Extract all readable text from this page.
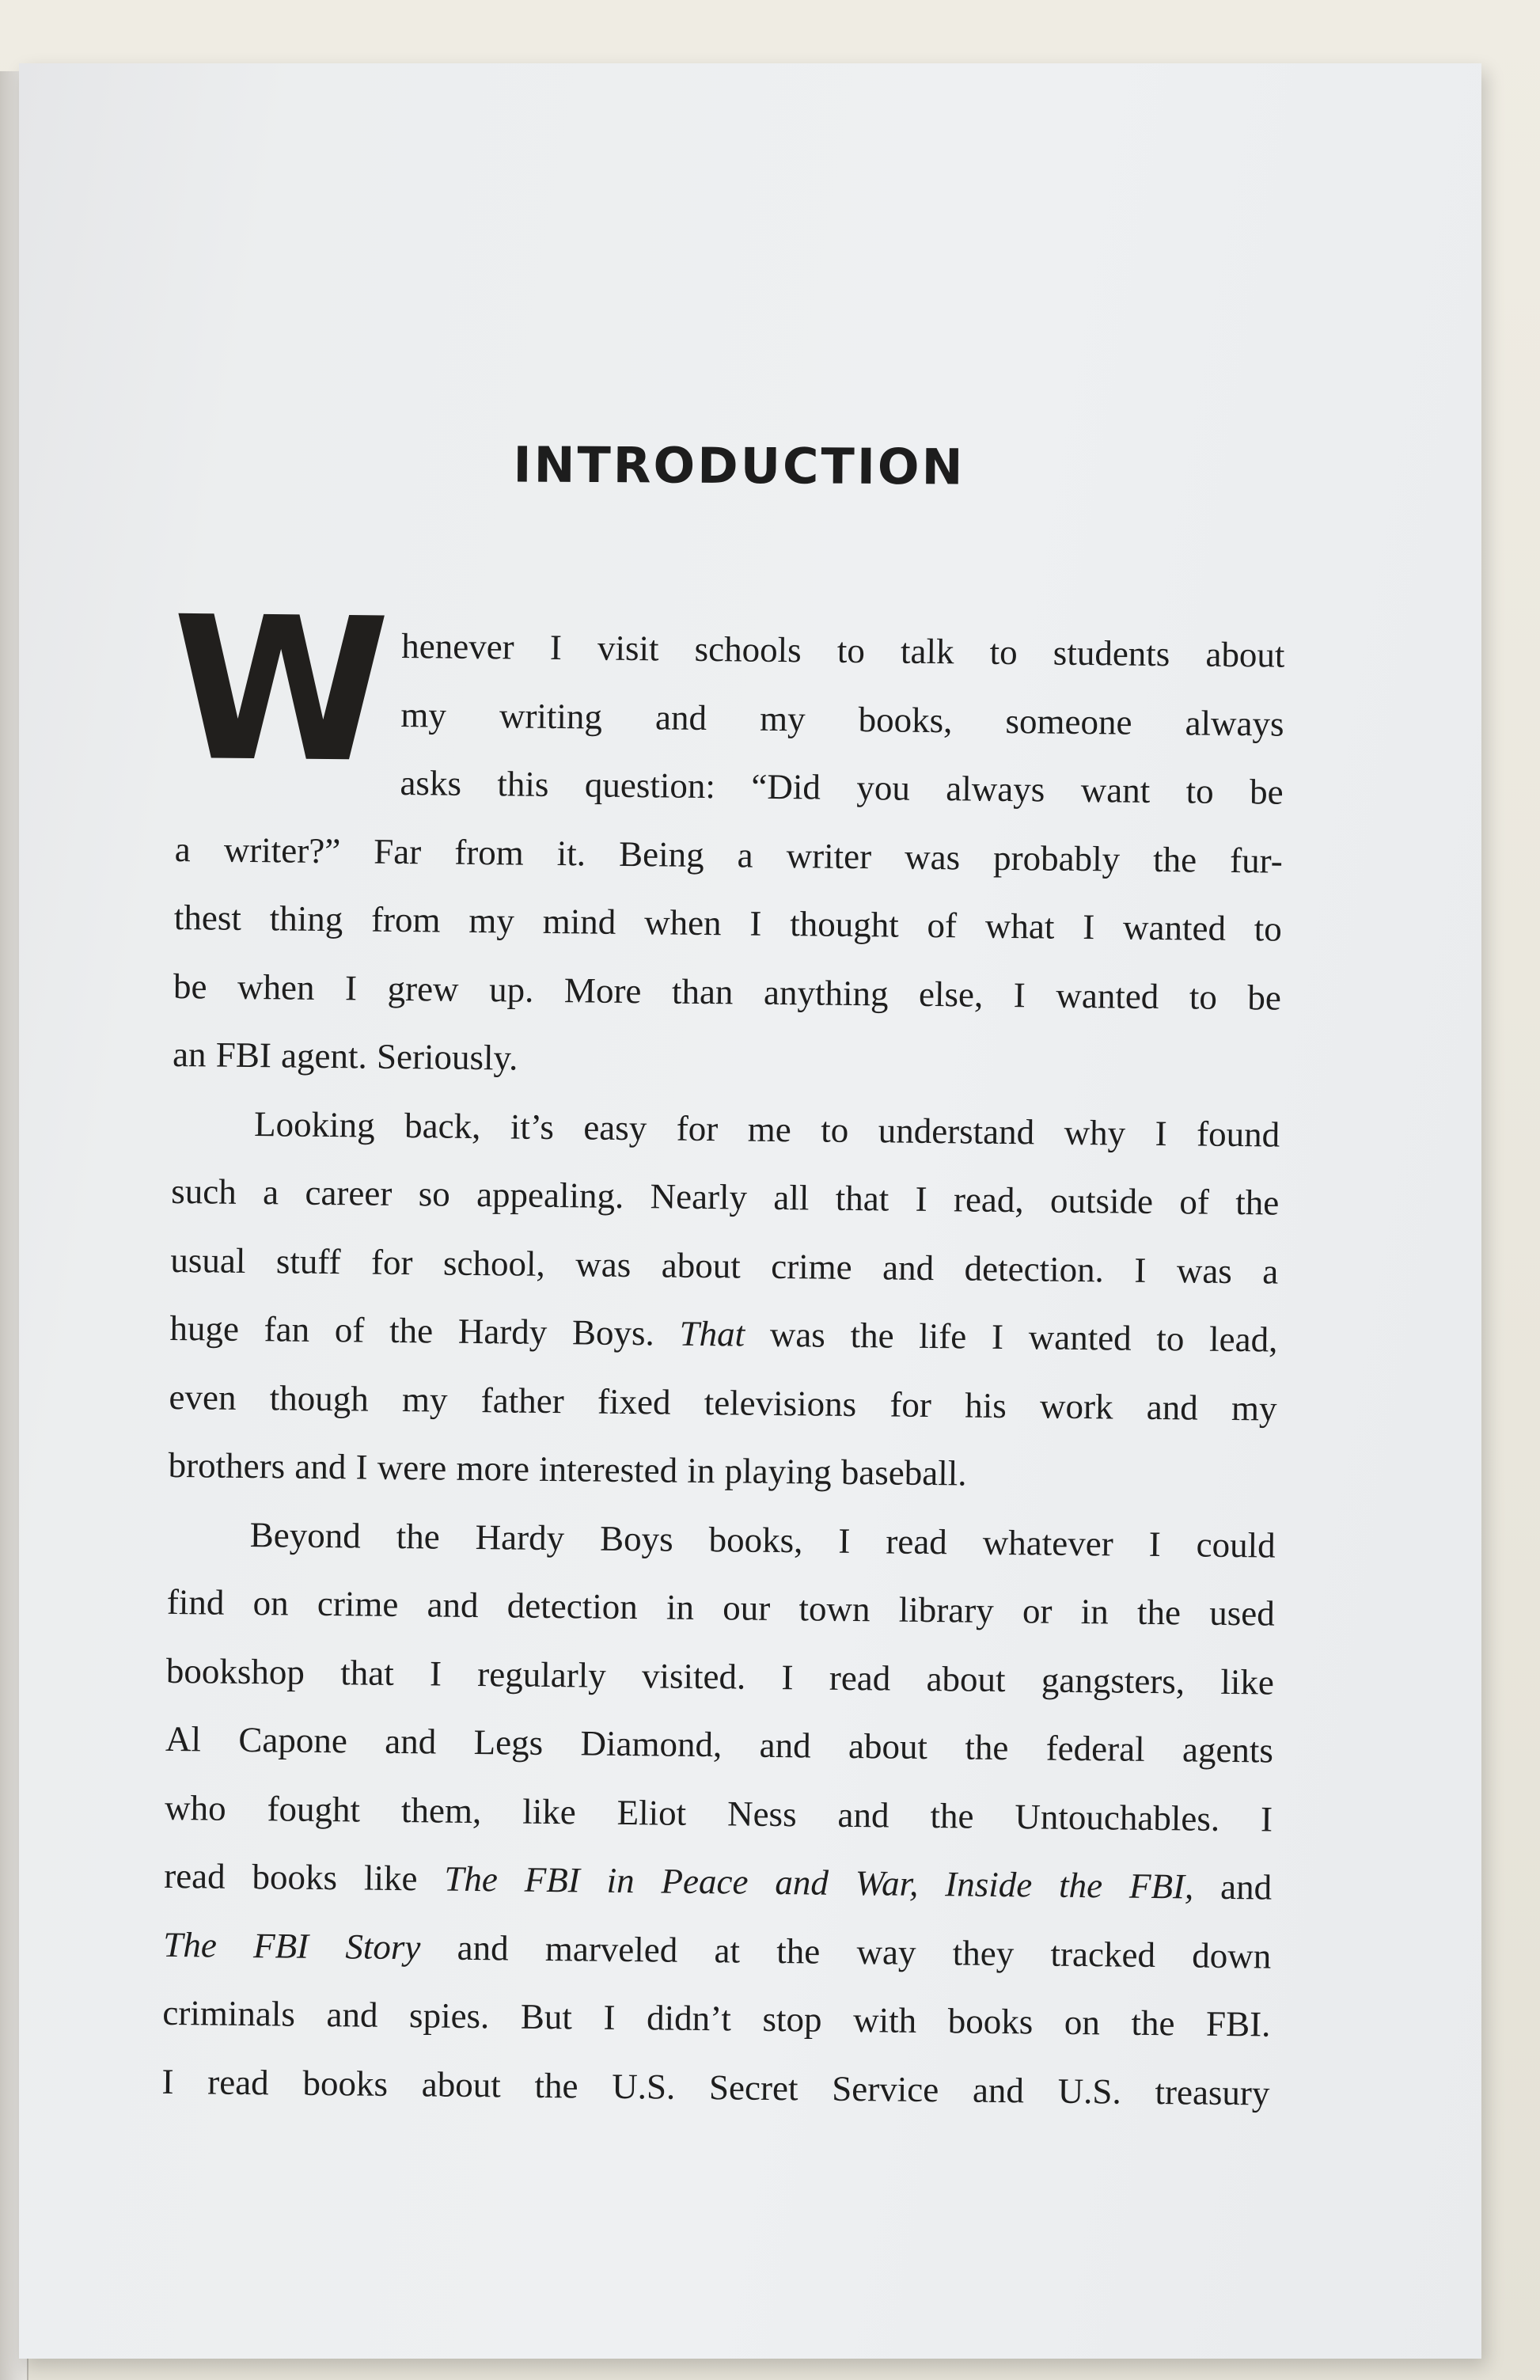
INTRODUCTION
W henever I visit schools to talk to students about
my writing and my books, someone always
asks this question: “Did you always want to be
a writer?” Far from it. Being a writer was probably the fur-
thest thing from my mind when I thought of what I wanted to
be when I grew up. More than anything else, I wanted to be
an FBI agent. Seriously.
Looking back, it’s easy for me to understand why I found
such a career so appealing. Nearly all that I read, outside of the
usual stuff for school, was about crime and detection. I was a
huge fan of the Hardy Boys. That was the life I wanted to lead,
even though my father fixed televisions for his work and my
brothers and I were more interested in playing baseball.
Beyond the Hardy Boys books, I read whatever I could
find on crime and detection in our town library or in the used
bookshop that I regularly visited. I read about gangsters, like
Al Capone and Legs Diamond, and about the federal agents
who fought them, like Eliot Ness and the Untouchables. I
read books like The FBI in Peace and War, Inside the FBI, and
The FBI Story and marveled at the way they tracked down
criminals and spies. But I didn’t stop with books on the FBI.
I read books about the U.S. Secret Service and U.S. treasury
